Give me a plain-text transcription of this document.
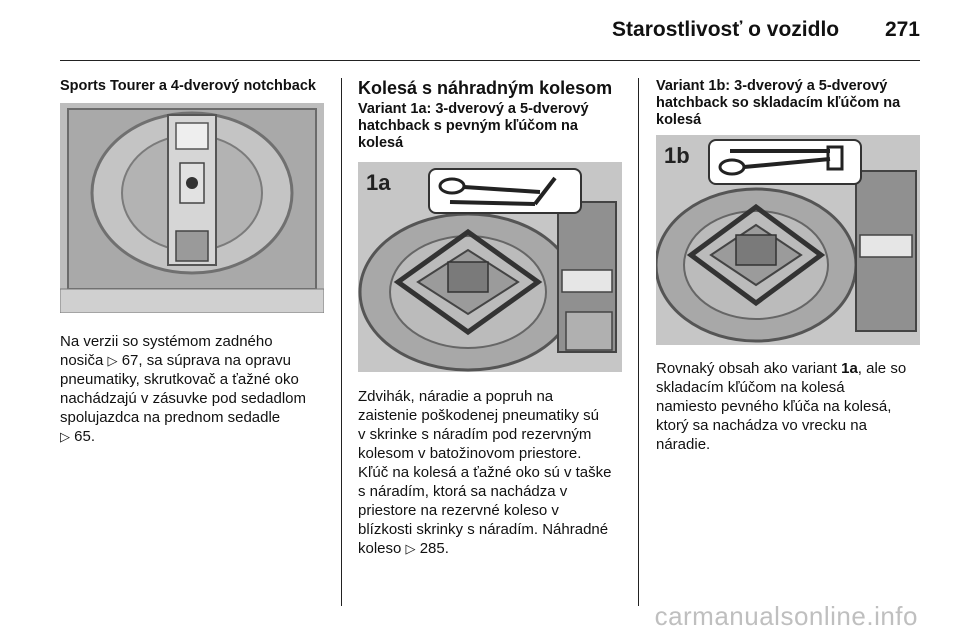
Starostlivosť o vozidlo 271

Sports Tourer a 4-dverový notchback

Na verzii so systémom zadného
nosiča ▷ 67, sa súprava na opravu
pneumatiky, skrutkovač a ťažné oko
nachádzajú v zásuvke pod sedadlom
spolujazdca na prednom sedadle
▷ 65.

Kolesá s náhradným kolesom

Variant 1a: 3-dverový a 5-dverový hatchback s pevným kľúčom na kolesá

1a

Zdvihák, náradie a popruh na
zaistenie poškodenej pneumatiky sú
v skrinke s náradím pod rezervným
kolesom v batožinovom priestore.
Kľúč na kolesá a ťažné oko sú v taške
s náradím, ktorá sa nachádza v
priestore na rezervné koleso v
blízkosti skrinky s náradím. Náhradné
koleso ▷ 285.

Variant 1b: 3-dverový a 5-dverový hatchback so skladacím kľúčom na kolesá

1b

Rovnaký obsah ako variant 1a, ale so
skladacím kľúčom na kolesá
namiesto pevného kľúča na kolesá,
ktorý sa nachádza vo vrecku na
náradie.

carmanualsonline.info
